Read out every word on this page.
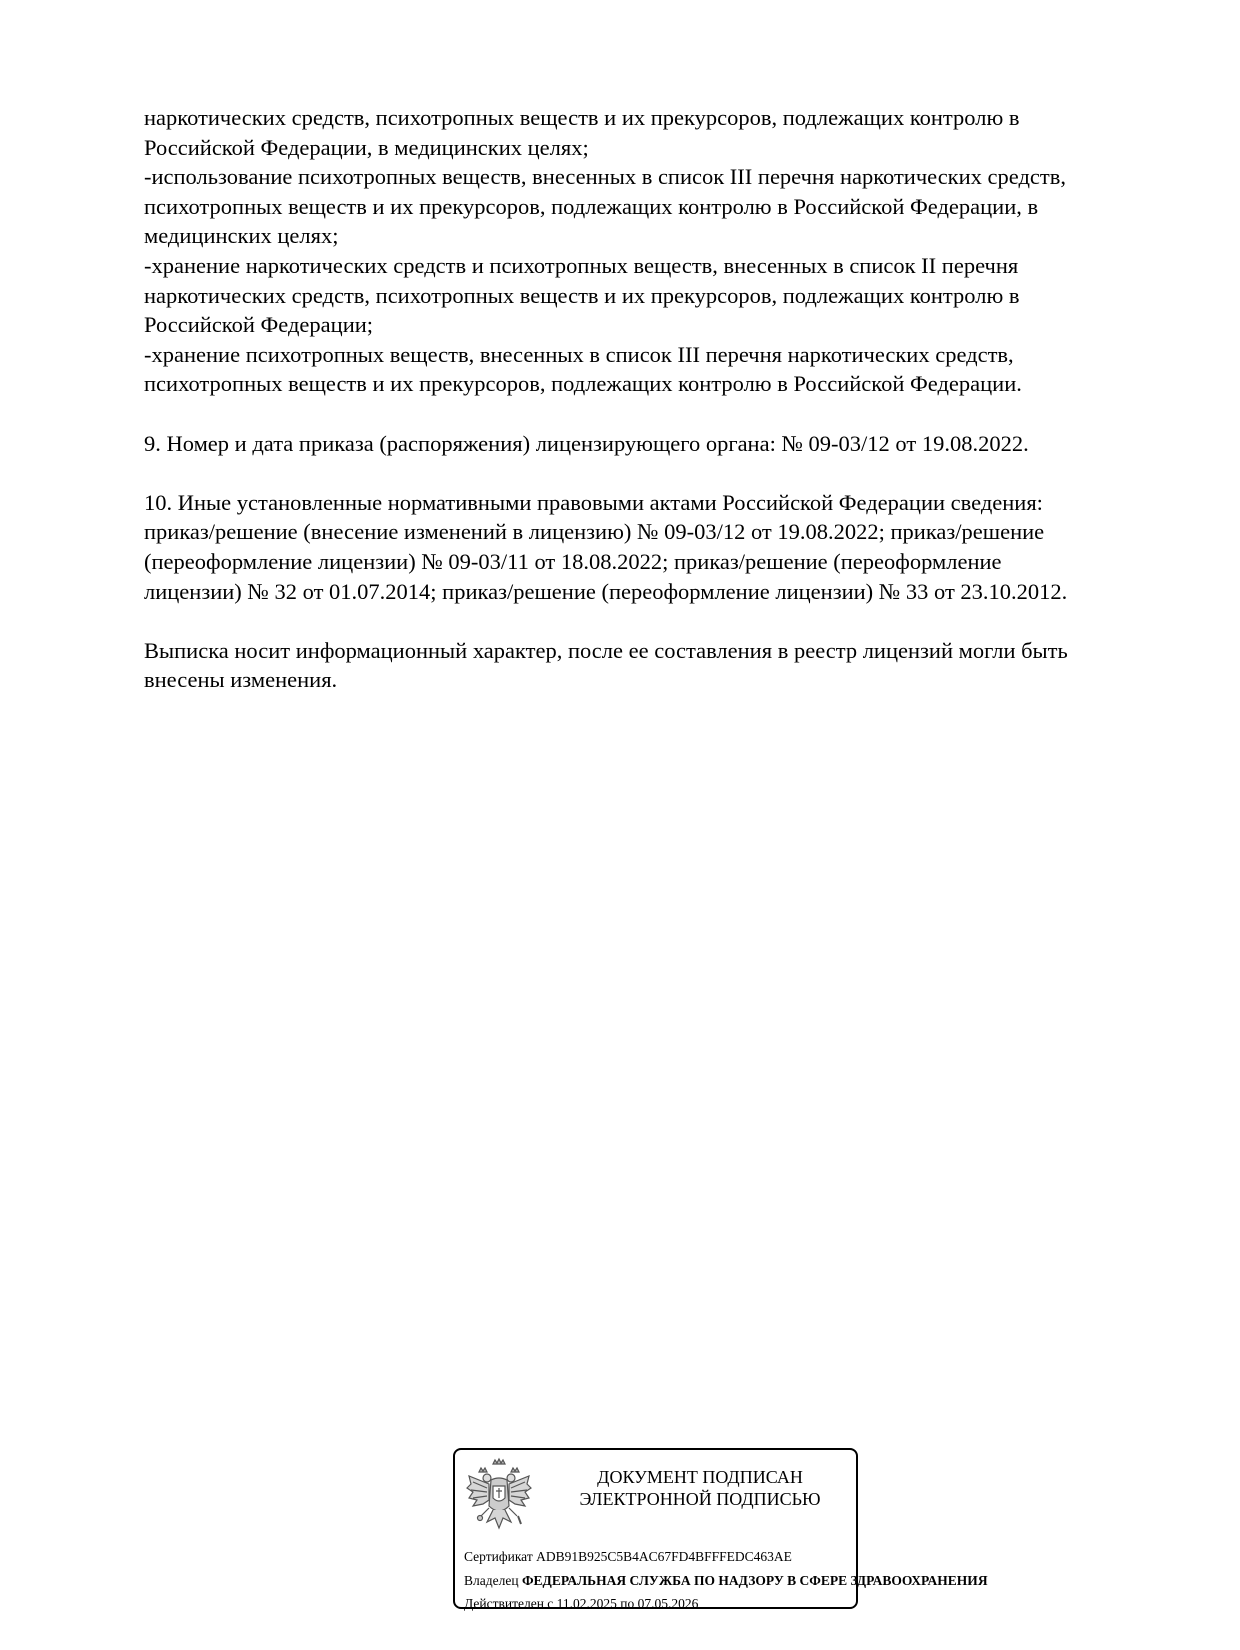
наркотических средств, психотропных веществ и их прекурсоров, подлежащих контролю в

Российской Федерации, в медицинских целях;

-использование психотропных веществ, внесенных в список III перечня наркотических средств,

психотропных веществ и их прекурсоров, подлежащих контролю в Российской Федерации, в

медицинских целях;

-хранение наркотических средств и психотропных веществ, внесенных в список II перечня

наркотических средств, психотропных веществ и их прекурсоров, подлежащих контролю в

Российской Федерации;

-хранение психотропных веществ, внесенных в список III перечня наркотических средств,

психотропных веществ и их прекурсоров, подлежащих контролю в Российской Федерации.

9. Номер и дата приказа (распоряжения) лицензирующего органа: № 09-03/12 от 19.08.2022.

10. Иные установленные нормативными правовыми актами Российской Федерации сведения:

приказ/решение (внесение изменений в лицензию) № 09-03/12 от 19.08.2022; приказ/решение

(переоформление лицензии) № 09-03/11 от 18.08.2022; приказ/решение (переоформление

лицензии) № 32 от 01.07.2014; приказ/решение (переоформление лицензии) № 33 от 23.10.2012.

Выписка носит информационный характер, после ее составления в реестр лицензий могли быть

внесены изменения.

ДОКУМЕНТ ПОДПИСАН
ЭЛЕКТРОННОЙ ПОДПИСЬЮ
Сертификат ADB91B925C5B4AC67FD4BFFFEDC463AE
Владелец ФЕДЕРАЛЬНАЯ СЛУЖБА ПО НАДЗОРУ В СФЕРЕ ЗДРАВООХРАНЕНИЯ
Действителен с 11.02.2025 по 07.05.2026
